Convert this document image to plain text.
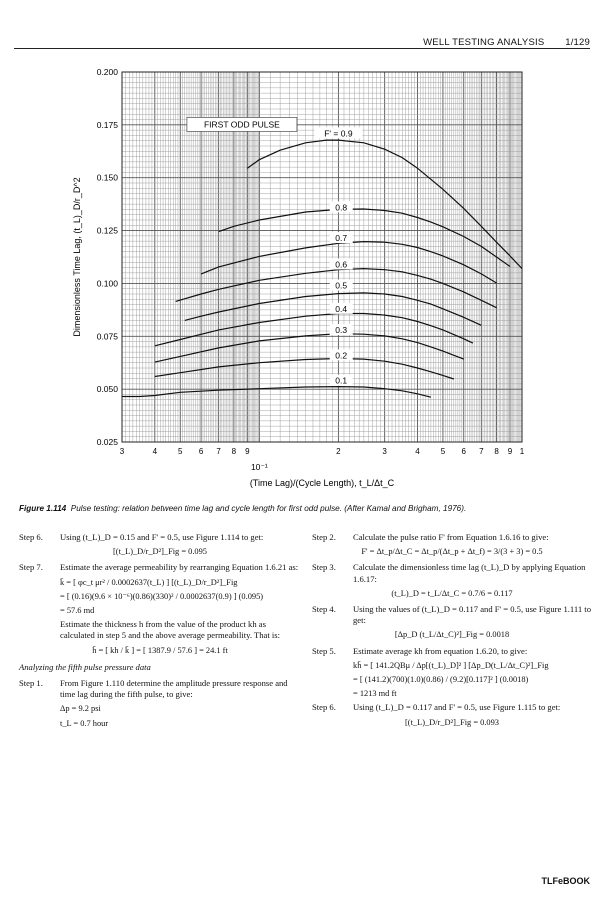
WELL TESTING ANALYSIS 1/129
0.025
0.050
0.075
0.100
0.125
0.150
0.175
0.200
3	4	5 6 7 8 9	2	3	4	5 6 7 8 9 1
10⁻¹
(Time Lag)/(Cycle Length), t_L/Δt_C
Dimensionless Time Lag, (t_L)_D/r_D^2
FIRST ODD PULSE
0.1
0.2
0.3
0.4
0.5
0.6
0.7
0.8
F' = 0.9
Figure 1.114 Pulse testing: relation between time lag and cycle length for first odd pulse. (After Kamal and Brigham, 1976).
Step 6.	Using (t_L)_D = 0.15 and F' = 0.5, use Figure 1.114 to get:
[(t_L)_D/r_D²]_Fig = 0.095
Step 7.	Estimate the average permeability by rearranging Equation 1.6.21 as:
k̄ = [ φc_t μr² / 0.0002637(t_L) ] [(t_L)_D/r_D²]_Fig
= [ (0.16)(9.6 × 10⁻⁶)(0.86)(330)² / 0.0002637(0.9) ] (0.095)
= 57.6 md
Estimate the thickness h from the value of the product kh as calculated in step 5 and the above average permeability. That is:
h̄ = [ kh / k̄ ] = [ 1387.9 / 57.6 ] = 24.1 ft
Analyzing the fifth pulse pressure data
Step 1.	From Figure 1.110 determine the amplitude pressure response and time lag during the fifth pulse, to give:
Δp = 9.2 psi
t_L = 0.7 hour
Step 2.	Calculate the pulse ratio F' from Equation 1.6.16 to give:
F' = Δt_p/Δt_C = Δt_p/(Δt_p + Δt_f) = 3/(3 + 3) = 0.5
Step 3.	Calculate the dimensionless time lag (t_L)_D by applying Equation 1.6.17:
(t_L)_D = t_L/Δt_C = 0.7/6 = 0.117
Step 4.	Using the values of (t_L)_D = 0.117 and F' = 0.5, use Figure 1.111 to get:
[Δp_D (t_L/Δt_C)²]_Fig = 0.0018
Step 5.	Estimate average kh from equation 1.6.20, to give:
kh̄ = [ 141.2QBμ / Δp[(t_L)_D]² ] [Δp_D(t_L/Δt_C)²]_Fig
= [ (141.2)(700)(1.0)(0.86) / (9.2)[0.117]² ] (0.0018)
= 1213 md ft
Step 6.	Using (t_L)_D = 0.117 and F' = 0.5, use Figure 1.115 to get:
[(t_L)_D/r_D²]_Fig = 0.093
TLFeBOOK
